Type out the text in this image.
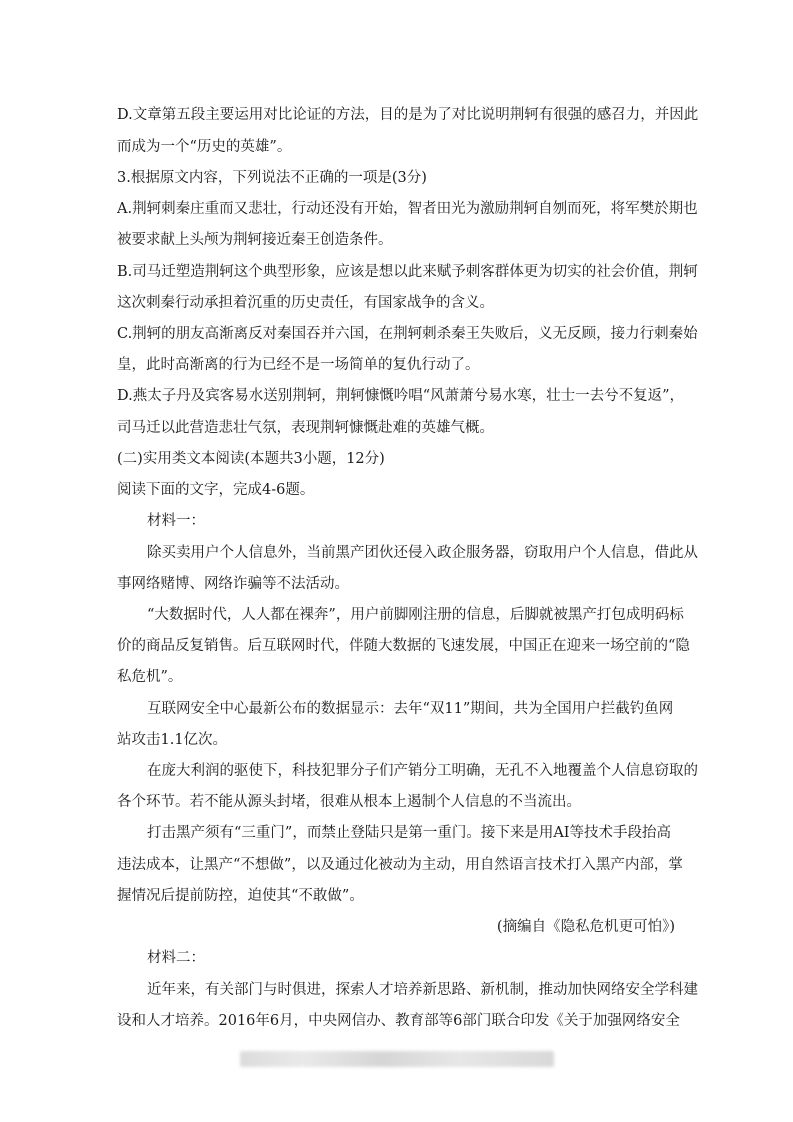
D.文章第五段主要运用对比论证的方法，目的是为了对比说明荆轲有很强的感召力，并因此
而成为一个“历史的英雄”。
3.根据原文内容，下列说法不正确的一项是(3分)
A.荆轲刺秦庄重而又悲壮，行动还没有开始，智者田光为激励荆轲自刎而死，将军樊於期也
被要求献上头颅为荆轲接近秦王创造条件。
B.司马迁塑造荆轲这个典型形象，应该是想以此来赋予刺客群体更为切实的社会价值，荆轲
这次刺秦行动承担着沉重的历史责任，有国家战争的含义。
C.荆轲的朋友高渐离反对秦国吞并六国，在荆轲刺杀秦王失败后，义无反顾，接力行刺秦始
皇，此时高渐离的行为已经不是一场简单的复仇行动了。
D.燕太子丹及宾客易水送别荆轲，荆轲慷慨吟唱“风萧萧兮易水寒，壮士一去兮不复返”，
司马迁以此营造悲壮气氛，表现荆轲慷慨赴难的英雄气概。
(二)实用类文本阅读(本题共3小题，12分)
阅读下面的文字，完成4-6题。
材料一：
除买卖用户个人信息外，当前黑产团伙还侵入政企服务器，窃取用户个人信息，借此从
事网络赌博、网络诈骗等不法活动。
“大数据时代，人人都在裸奔”，用户前脚刚注册的信息，后脚就被黑产打包成明码标
价的商品反复销售。后互联网时代，伴随大数据的飞速发展，中国正在迎来一场空前的“隐
私危机”。
互联网安全中心最新公布的数据显示：去年“双11”期间，共为全国用户拦截钓鱼网
站攻击1.1亿次。
在庞大利润的驱使下，科技犯罪分子们产销分工明确，无孔不入地覆盖个人信息窃取的
各个环节。若不能从源头封堵，很难从根本上遏制个人信息的不当流出。
打击黑产须有“三重门”，而禁止登陆只是第一重门。接下来是用AI等技术手段抬高
违法成本，让黑产“不想做”，以及通过化被动为主动，用自然语言技术打入黑产内部，掌
握情况后提前防控，迫使其“不敢做”。
(摘编自《隐私危机更可怕》)
材料二：
近年来，有关部门与时俱进，探索人才培养新思路、新机制，推动加快网络安全学科建
设和人才培养。2016年6月，中央网信办、教育部等6部门联合印发《关于加强网络安全
